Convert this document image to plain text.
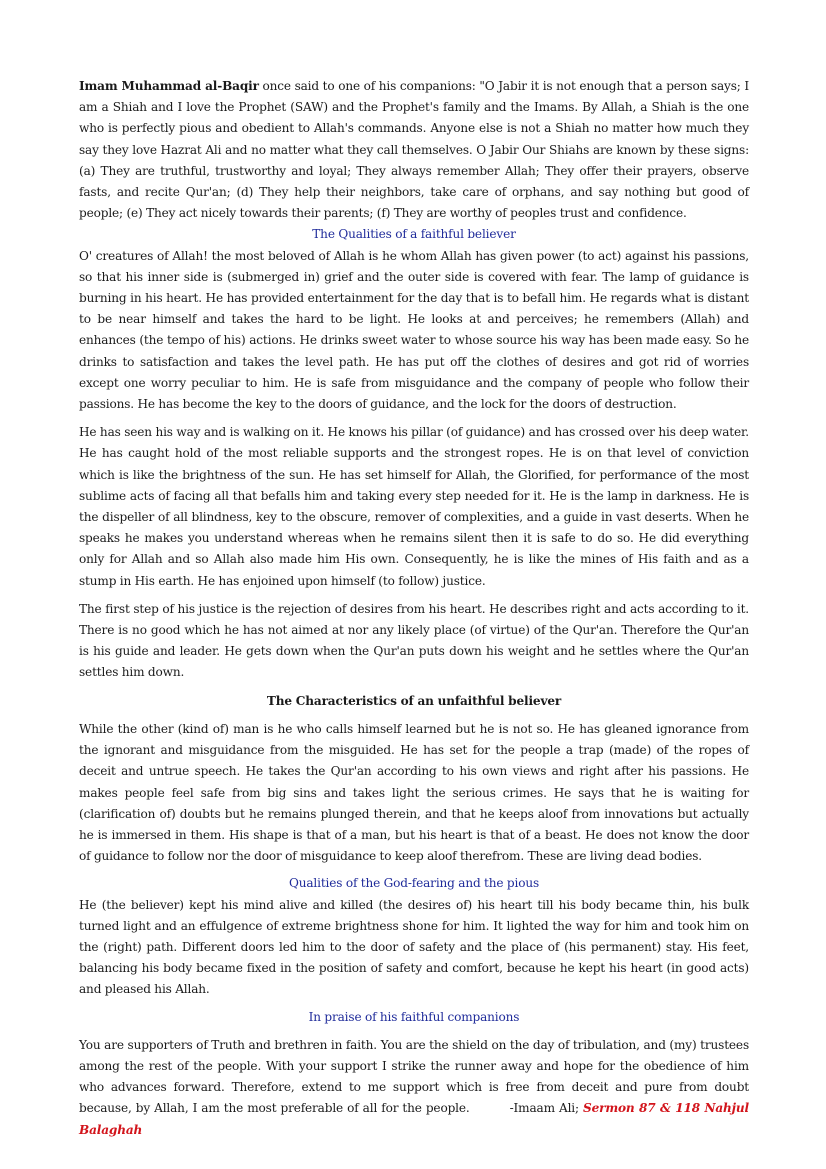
Imam Muhammad al-Baqir once said to one of his companions: "O Jabir it is not enough that a person says; I am a Shiah and I love the Prophet (SAW) and the Prophet's family and the Imams. By Allah, a Shiah is the one who is perfectly pious and obedient to Allah's commands. Anyone else is not a Shiah no matter how much they say they love Hazrat Ali and no matter what they call themselves. O Jabir Our Shiahs are known by these signs: (a) They are truthful, trustworthy and loyal; They always remember Allah; They offer their prayers, observe fasts, and recite Qur'an; (d) They help their neighbors, take care of orphans, and say nothing but good of people; (e) They act nicely towards their parents; (f) They are worthy of peoples trust and confidence.

The Qualities of a faithful believer

O' creatures of Allah! the most beloved of Allah is he whom Allah has given power (to act) against his passions, so that his inner side is (submerged in) grief and the outer side is covered with fear. The lamp of guidance is burning in his heart. He has provided entertainment for the day that is to befall him. He regards what is distant to be near himself and takes the hard to be light. He looks at and perceives; he remembers (Allah) and enhances (the tempo of his) actions. He drinks sweet water to whose source his way has been made easy. So he drinks to satisfaction and takes the level path. He has put off the clothes of desires and got rid of worries except one worry peculiar to him. He is safe from misguidance and the company of people who follow their passions. He has become the key to the doors of guidance, and the lock for the doors of destruction.

He has seen his way and is walking on it. He knows his pillar (of guidance) and has crossed over his deep water. He has caught hold of the most reliable supports and the strongest ropes. He is on that level of conviction which is like the brightness of the sun. He has set himself for Allah, the Glorified, for performance of the most sublime acts of facing all that befalls him and taking every step needed for it. He is the lamp in darkness. He is the dispeller of all blindness, key to the obscure, remover of complexities, and a guide in vast deserts. When he speaks he makes you understand whereas when he remains silent then it is safe to do so. He did everything only for Allah and so Allah also made him His own. Consequently, he is like the mines of His faith and as a stump in His earth. He has enjoined upon himself (to follow) justice.

The first step of his justice is the rejection of desires from his heart. He describes right and acts according to it. There is no good which he has not aimed at nor any likely place (of virtue) of the Qur'an. Therefore the Qur'an is his guide and leader. He gets down when the Qur'an puts down his weight and he settles where the Qur'an settles him down.

The Characteristics of an unfaithful believer

While the other (kind of) man is he who calls himself learned but he is not so. He has gleaned ignorance from the ignorant and misguidance from the misguided. He has set for the people a trap (made) of the ropes of deceit and untrue speech. He takes the Qur'an according to his own views and right after his passions. He makes people feel safe from big sins and takes light the serious crimes. He says that he is waiting for (clarification of) doubts but he remains plunged therein, and that he keeps aloof from innovations but actually he is immersed in them. His shape is that of a man, but his heart is that of a beast. He does not know the door of guidance to follow nor the door of misguidance to keep aloof therefrom. These are living dead bodies.

Qualities of the God-fearing and the pious

He (the believer) kept his mind alive and killed (the desires of) his heart till his body became thin, his bulk turned light and an effulgence of extreme brightness shone for him. It lighted the way for him and took him on the (right) path. Different doors led him to the door of safety and the place of (his permanent) stay. His feet, balancing his body became fixed in the position of safety and comfort, because he kept his heart (in good acts) and pleased his Allah.

In praise of his faithful companions

You are supporters of Truth and brethren in faith. You are the shield on the day of tribulation, and (my) trustees among the rest of the people. With your support I strike the runner away and hope for the obedience of him who advances forward. Therefore, extend to me support which is free from deceit and pure from doubt because, by Allah, I am the most preferable of all for the people.	-Imaam Ali; Sermon 87 & 118 Nahjul Balaghah
